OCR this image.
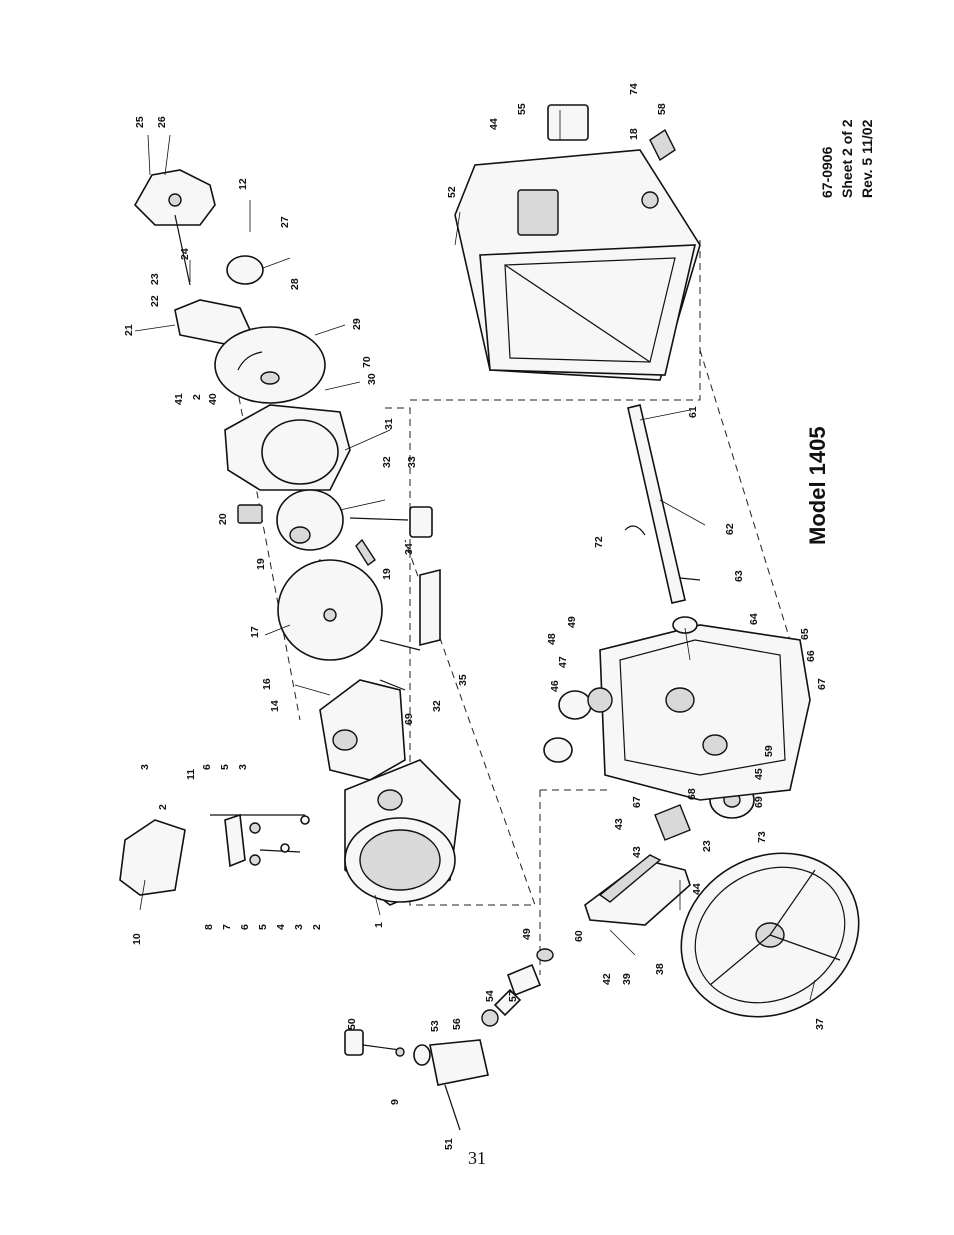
25 26
12
27
24
23
22
28
21
29
70
30
41 2 40
31
20
32 33
34
19
19
17
35
16
32
69
14
3
2
11
6 5 3
10
8 7 6 5 4 3 2	1
50
9
53 56
51
54 57
49	60
42 39
38
37
43
43
44
23
67
68
73
69
45
59
46
47
48
49
65
66
67
64
63
72
62
61
52
44
55
74
18
58
Model 1405
67-0906 Sheet 2 of 2 Rev. 5 11/02
31
